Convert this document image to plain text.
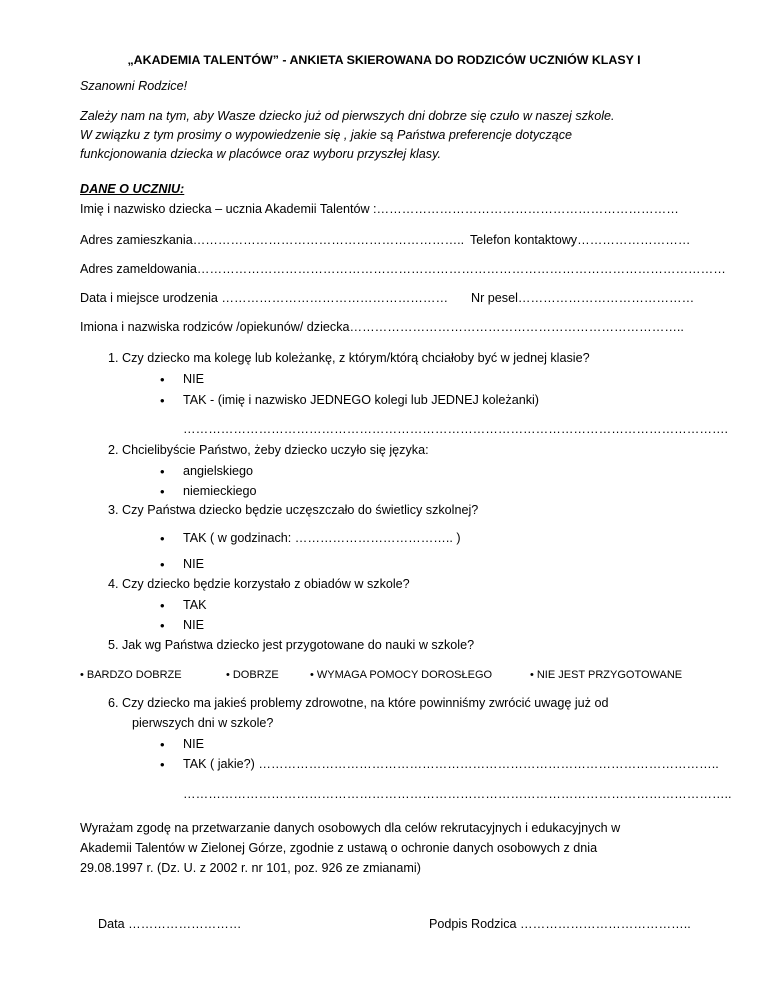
„AKADEMIA TALENTÓW” - ANKIETA SKIEROWANA DO RODZICÓW UCZNIÓW KLASY I
Szanowni Rodzice!
Zależy nam na tym, aby Wasze dziecko już od pierwszych dni dobrze się czuło w naszej szkole.
W związku z tym prosimy o wypowiedzenie się , jakie są Państwa preferencje dotyczące
funkcjonowania dziecka w placówce oraz wyboru przyszłej klasy.
DANE O UCZNIU:
Imię i nazwisko dziecka – ucznia Akademii Talentów :………………………………………………………………
Adres zamieszkania……………………………………………………….. Telefon kontaktowy………………………
Adres zameldowania………………………………………………………………………………………………………………
Data i miejsce urodzenia ……………………………………………… Nr pesel……………………………………
Imiona i nazwiska rodziców /opiekunów/ dziecka……………………………………………………………………..
1. Czy dziecko ma kolegę lub koleżankę, z którym/którą chciałoby być w jednej klasie?
• NIE
• TAK - (imię i nazwisko JEDNEGO kolegi lub JEDNEJ koleżanki)
………………………………………………………………………………………………………………….
2. Chcielibyście Państwo, żeby dziecko uczyło się języka:
• angielskiego
• niemieckiego
3. Czy Państwa dziecko będzie uczęszczało do świetlicy szkolnej?
• TAK ( w godzinach: ……………………………….. )
• NIE
4. Czy dziecko będzie korzystało z obiadów w szkole?
• TAK
• NIE
5. Jak wg Państwa dziecko jest przygotowane do nauki w szkole?
• BARDZO DOBRZE	• DOBRZE	• WYMAGA POMOCY DOROSŁEGO	• NIE JEST PRZYGOTOWANE
6. Czy dziecko ma jakieś problemy zdrowotne, na które powinniśmy zwrócić uwagę już od
pierwszych dni w szkole?
• NIE
• TAK ( jakie?) ………………………………………………………………………………………………..
…………………………………………………………………………………………………………………..
Wyrażam zgodę na przetwarzanie danych osobowych dla celów rekrutacyjnych i edukacyjnych w
Akademii Talentów w Zielonej Górze, zgodnie z ustawą o ochronie danych osobowych z dnia
29.08.1997 r. (Dz. U. z 2002 r. nr 101, poz. 926 ze zmianami)
Data ………………………	Podpis Rodzica …………………………………..
